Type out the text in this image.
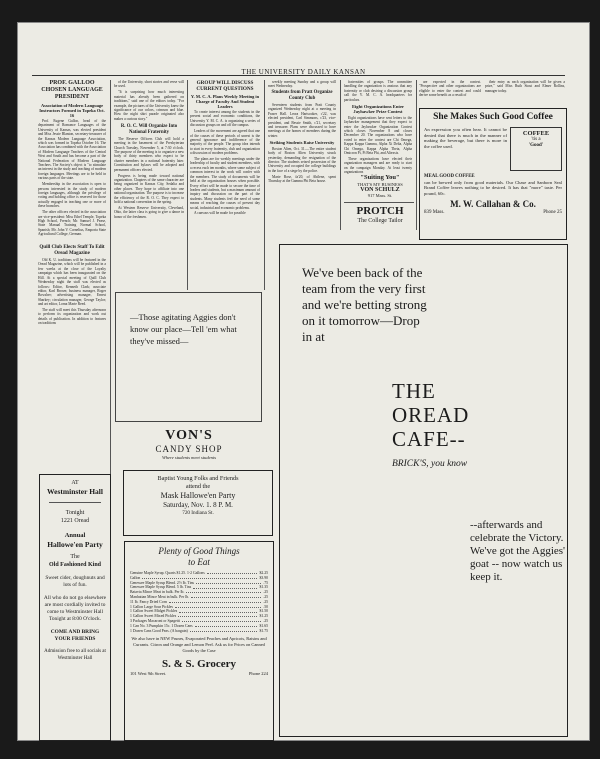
THE UNIVERSITY DAILY KANSAN

PROF. GALLOO CHOSEN LANGUAGE PRESIDENT

Association of Modern Language Instructors Formed in Topeka Oct. 16

Prof. Eugene Galloo, head of the department of Romance Languages of the University of Kansas, was elected president and Miss Jessie Blanton, secretary-treasurer of the Kansas Modern Language Association, which was formed in Topeka October 16. The Association has combined with the Association of Modern Language Teachers of the Central West and South and has become a part of the National Federation of Modern Language Teachers. The Society's object is "to stimulate an interest in the study and teaching of modern foreign languages. Meetings are to be held in various parts of the state.

Membership in the association is open to persons interested in the study of modern foreign languages, although the privilege of voting and holding office is reserved for those actually engaged in teaching one or more of these branches.

The other officers elected in the association are vice-president: Miss Ethel Temple, Topeka High School, French; Mr. Samuel J. Pease, State Manual Training Normal School, Spanish; Mr. John V. Cornelius, Emporia State Agricultural College, German.

Quill Club Elects Staff To Edit Oread Magazine

Old K. U. traditions will be featured in the Oread Magazine, which will be published in a few weeks at the close of the Loyalty campaign which has been inaugurated on the Hill. At a special meeting of Quill Club Wednesday night the staff was elected as follows: Editor, Kenneth Clark; associate editor, Karl Brown; business manager, Roger Bowsher; advertising manager, Ernest Sharkey; circulation manager, George Taylor; and art editor, Lorna Marie Reed.

The staff will meet this Thursday afternoon to perform its organization and work out details of publication. In addition to features on traditions

of the University, short stories and verse will be used.

"It is surprising how much interesting material has already been gathered on traditions," said one of the editors today. "For example, the pictures of the University knew the significance of our colors, crimson and blue. How the night shirt parade originated also makes a curious story."

R. O. C. Will Organize Into National Fraternity

The Reserve Officers Club will hold a meeting in the basement of the Presbyterian Church Tuesday, November 5, at 7:30 o'clock. The purpose of the meeting is to organize a new body of thirty members who expect to be charter members in a national fraternity later. Constitution and bylaws will be adopted and permanent officers elected.

Progress is being made toward national organization. Chapters of the same character are being organized in Kansas City, Sedalia and other places. They hope to affiliate into one national organization. The purpose is to increase the efficiency of the R. O. C. They expect to hold a national convention in the spring.

At Western Reserve University, Cleveland, Ohio, the latter class is going to give a dance in honor of the freshmen.

GROUP WILL DISCUSS CURRENT QUESTIONS

Y. M. C. A. Plans Weekly Meeting in Charge of Faculty And Student Leaders

To create interest among the students in the present social and economic conditions, the University Y. M. C. A. is organizing a series of discussion groups on and off the campus.

Leaders of the movement are agreed that one of the causes of these periods of unrest is the general ignorance and indifference of the majority of the people. The group idea intends to start in every fraternity, club and organization a discussion of modern problems.

The plans are for weekly meetings under the leadership of faculty and student members, with a recess each ten months, where some subject of common interest in the work will confer with the members. The study of documents will be held at the organization houses when possible. Every effort will be made to secure the time of leaders and students, but a maximum amount of inquiry and discussion on the part of the students. Many students feel the need of some means of reaching the causes of present day social, industrial and economic problems.

A canvass will be made for possible

weekly meeting Sunday and a group will meet Wednesday.

Students from Pratt Organize County Club

Seventeen students from Pratt County organized Wednesday night at a meeting in Fraser Hall. Leora Hartsooker, c'22, was elected president, Carl Simmons, c'23, vice-president, and Bessie Smith, c'21, secretary and treasurer. Plans were discussed to have meetings at the homes of members during the winter.

Striking Students Raise University

Boston Alien, Oct. 31.—The entire student body of Boston Alien University struck yesterday, demanding the resignation of the director. The students seized possession of the University and occupied the college buildings in the face of a siege by the police.

Marie Rose, fa'20, of Abilene, spent Thursday at the Gamma Phi Beta house.

fraternities of groups. The committee handling the organization is anxious that any fraternity or club desiring a discussion group call the Y. M. C. A. headquarters for particulars.

Eight Organizations Enter Jayhawker Prize Contest

Eight organizations have sent letters to the Jayhawker management that they expect to enter the Jayhawker Organization Contest which closes November 8 and closes December 20. The organizations who have voted to enter the contest are Chi Omega, Kappa Kappa Gamma, Alpha Xi Delta, Alpha Chi Omega, Kappa Alpha Theta, Alpha Omicron Pi, Pi Beta Phi, and Aliexsis.

These organizations have elected their organization managers and are ready to start on the campaign Monday. At least twenty organizations

are expected in the contest. "Prospective and other organizations are eligible to enter the contest and could derive some benefit as a result of

their entry as each organization will be given a prize," said Miss Ruth Stout and Elmer Rollins, manager today.

She Makes Such Good Coffee
An expression you often hear. It cannot be denied that there is much in the manner of making the beverage, but there is more in the coffee used.
COFFEE
'tis a
'Good'
MEAL GOOD COFFEE
can be brewed only from good materials. Our Chase and Sanborn Seal Brand Coffee leaves nothing to be desired. It has that "more" taste. Per pound, 60c.
M. W. Callahan & Co.
839 Mass.	Phone 25
"Suiting You"
THAT'S MY BUSINESS
VON SCHULZ
917 Mass. St.
PROTCH
The College Tailor
—Those agitating Aggies don't know our place—Tell 'em what they've missed—
VON'S
CANDY SHOP
Where students meet students
Baptist Young Folks and Friends
attend the
Mask Hallowe'en Party
Saturday, Nov. 1. 8 P. M.
720 Indiana St.
AT
Westminster Hall
Tonight
1221 Oread
Annual
Hallowe'en Party
The
Old Fashioned Kind
Sweet cider, doughnuts and lots of fun.
All who do not go elsewhere are most cordially invited to come to Westminster Hall Tonight at 8:00 O'clock.
COME AND BRING YOUR FRIENDS
Admission free to all socials at Westminster Hall
Plenty of Good Things
to Eat
Genuine Maple Syrup. Quarts $1.25. 1-2 Gallons	$2.25
Gallon	$3.90
Genessee Maple Syrup Blend. 2½ lb. Tins	.75
Genessee Maple Syrup Blend. 5 lb. Tins	$1.35
Batavia Mince Meat in bulk. Per lb.	.25
Manhattan Mince Meat in bulk. Per lb.	.25
11 lb. Fancy Dried Corn	.25
1 Gallon Large Sour Pickles	.50
1 Gallon Sweet Midget Pickles	$1.50
1 Gallon Sweet Mixed Pickles	$1.25
3 Packages Macaroni or Spagetti	.25
1 Can No. 3 Pumpkin 15c. 1 Dozen Cans	$1.65
1 Dozen Cans Good Peas. (A bargain)	$1.75
We also have in NEW Prunes, Evaporated Peaches and Apricots, Raisins and Currants. Citron and Orange and Lemon Peel. Ask us for Prices on Canned Goods by the Case
S. & S. Grocery
101 West 9th Street.	Phone 224
We've been back of the team from the very first and we're betting strong on it tomorrow—Drop in at
THE
OREAD
CAFE--
BRICK'S, you know
--afterwards and celebrate the Victory. We've got the Aggies' goat -- now watch us keep it.
